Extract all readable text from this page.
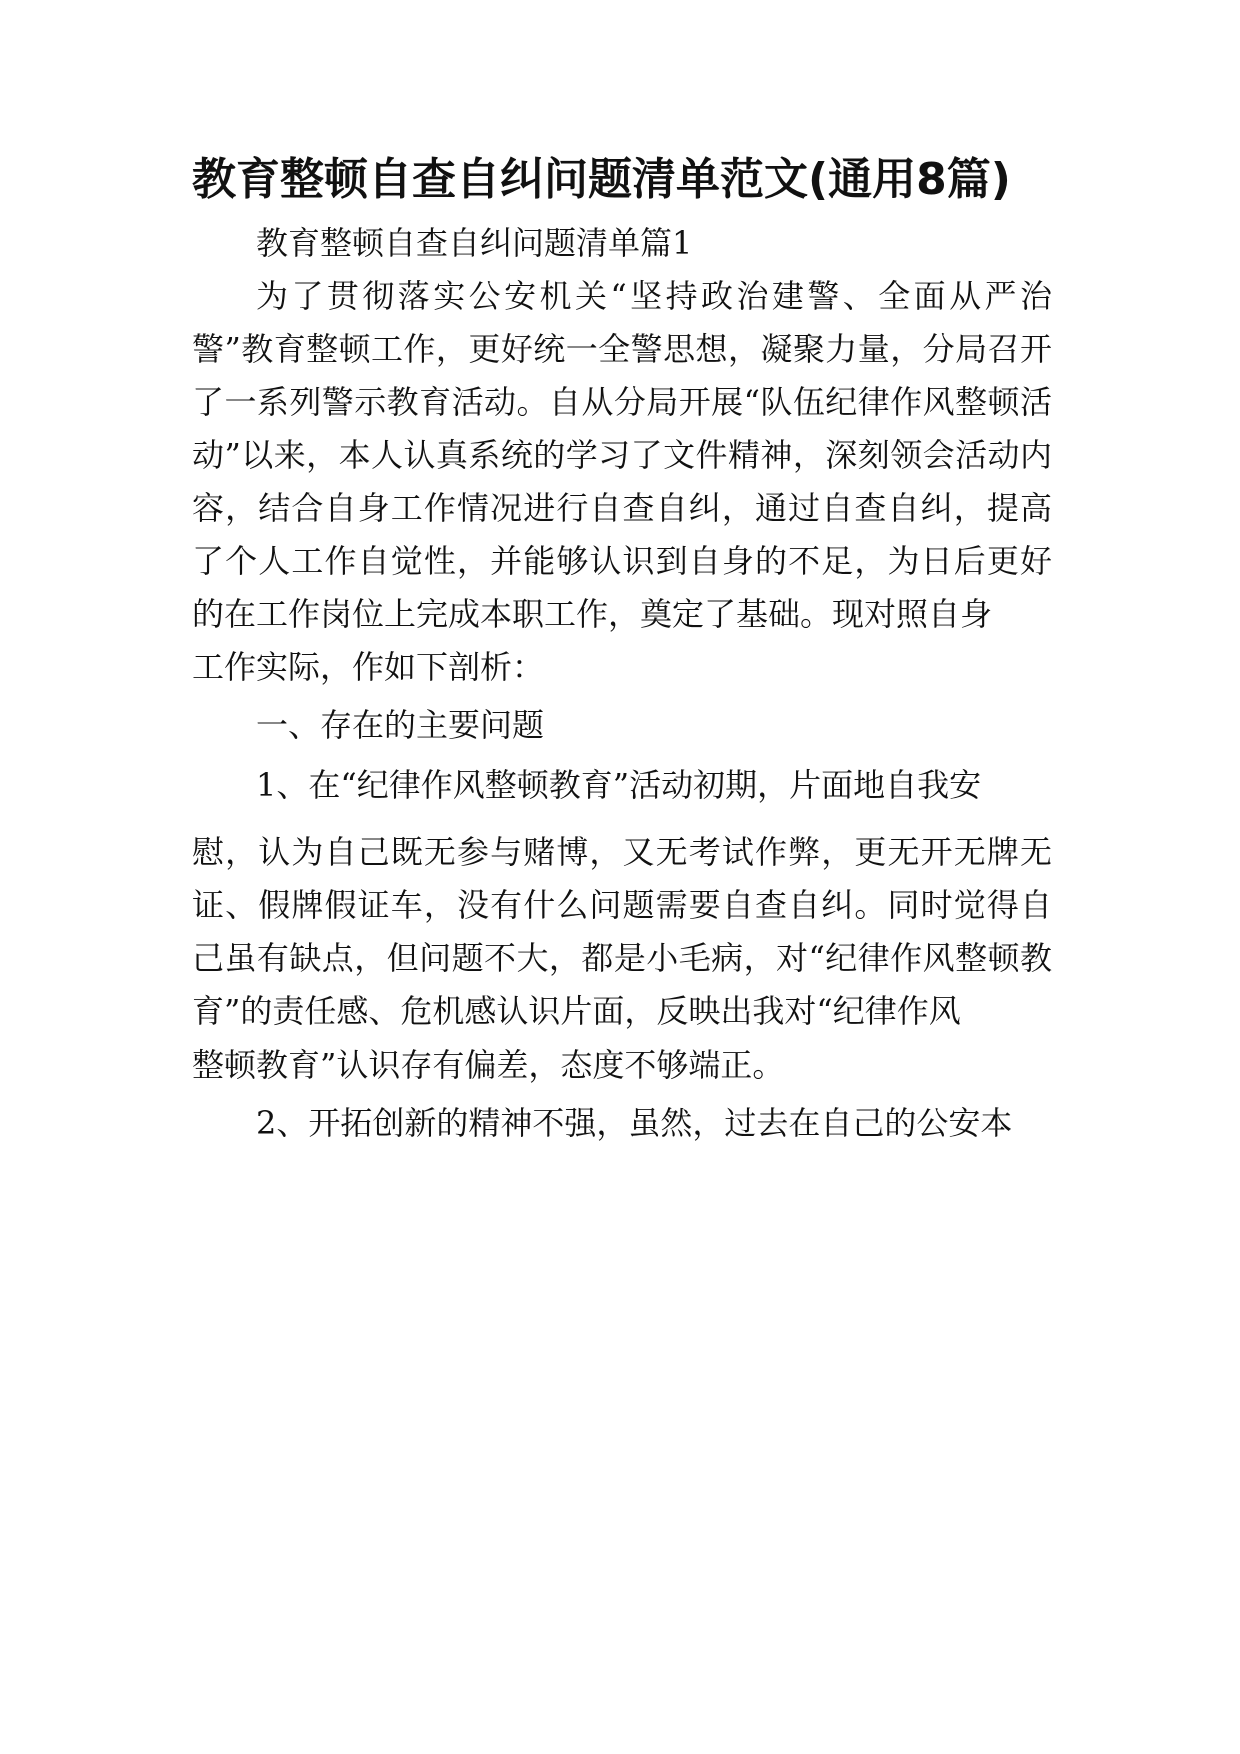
教育整顿自查自纠问题清单范文(通用8篇)

教育整顿自查自纠问题清单篇1

为了贯彻落实公安机关“坚持政治建警、全面从严治警”教育整顿工作，更好统一全警思想，凝聚力量，分局召开了一系列警示教育活动。自从分局开展“队伍纪律作风整顿活动”以来，本人认真系统的学习了文件精神，深刻领会活动内容，结合自身工作情况进行自查自纠，通过自查自纠，提高了个人工作自觉性，并能够认识到自身的不足，为日后更好的在工作岗位上完成本职工作，奠定了基础。现对照自身

工作实际，作如下剖析：

一、存在的主要问题

1、在“纪律作风整顿教育”活动初期，片面地自我安

慰，认为自己既无参与赌博，又无考试作弊，更无开无牌无证、假牌假证车，没有什么问题需要自查自纠。同时觉得自己虽有缺点，但问题不大，都是小毛病，对“纪律作风整顿教育”的责任感、危机感认识片面，反映出我对“纪律作风

整顿教育”认识存有偏差，态度不够端正。

2、开拓创新的精神不强，虽然，过去在自己的公安本
